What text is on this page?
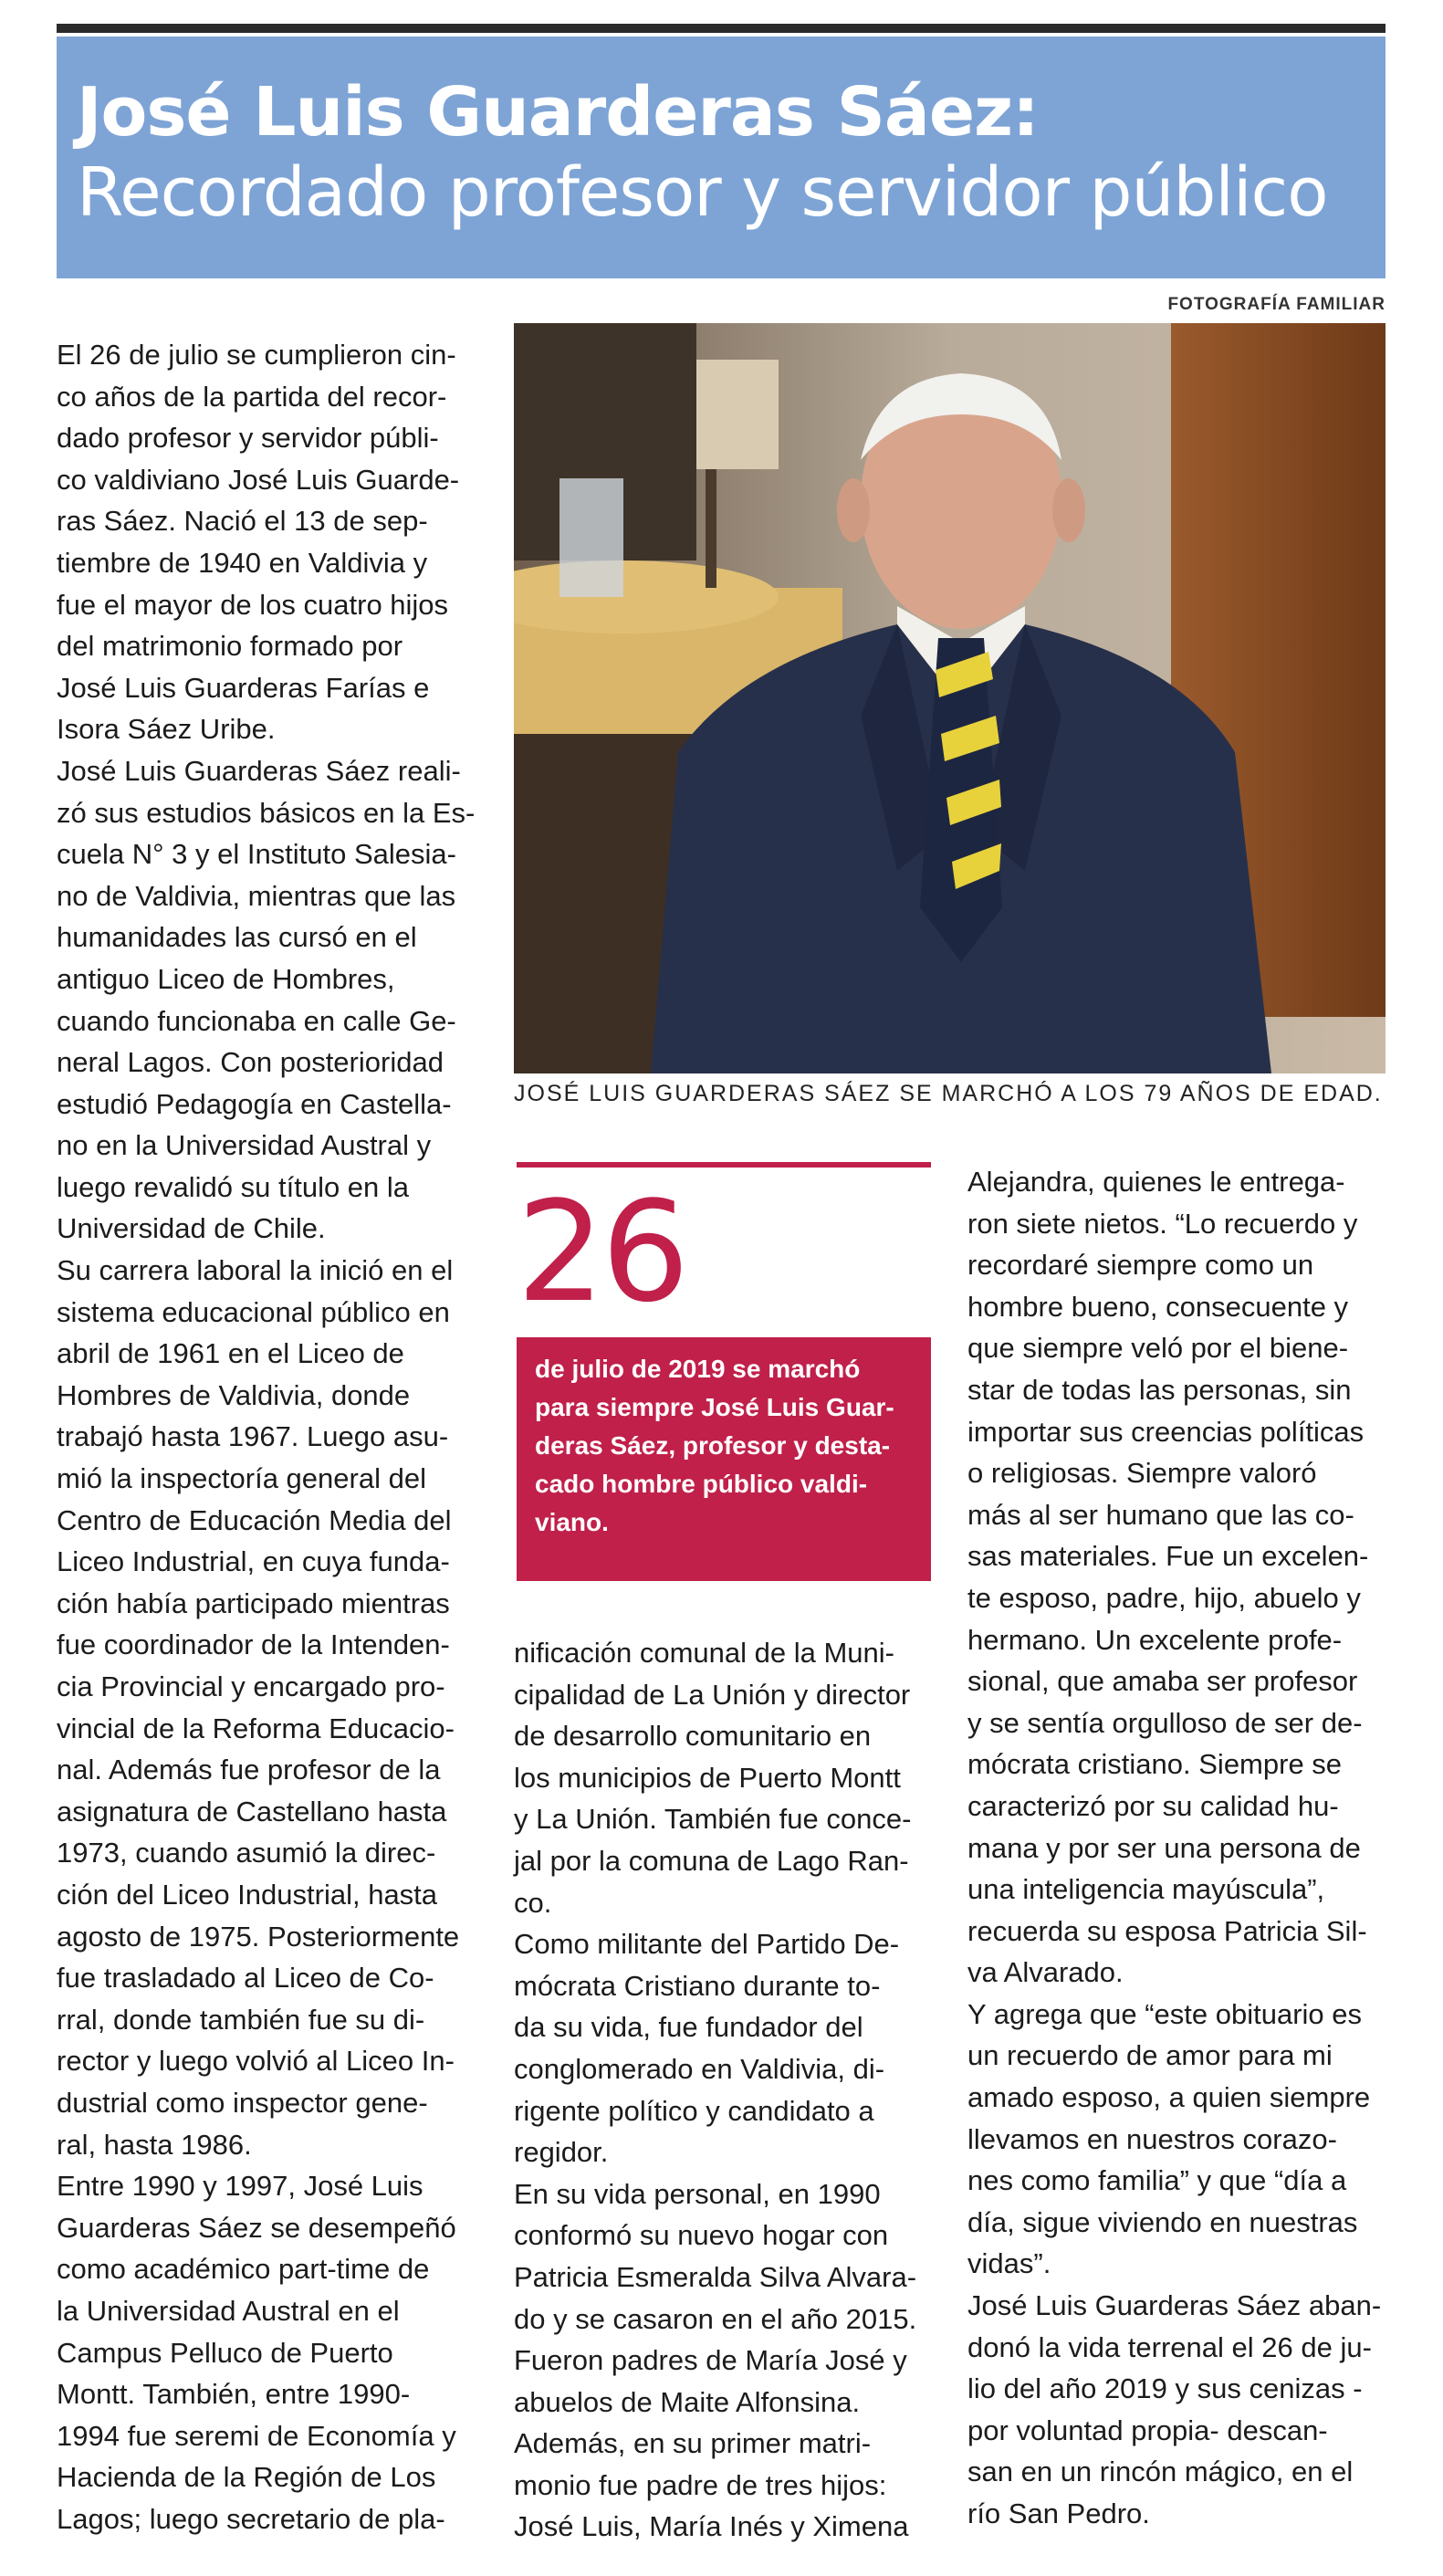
José Luis Guarderas Sáez:
Recordado profesor y servidor público
FOTOGRAFÍA FAMILIAR

El 26 de julio se cumplieron cin-

co años de la partida del recor-

dado profesor y servidor públi-

co valdiviano José Luis Guarde-

ras Sáez. Nació el 13 de sep-

tiembre de 1940 en Valdivia y

fue el mayor de los cuatro hijos

del matrimonio formado por

José Luis Guarderas Farías e

Isora Sáez Uribe.

José Luis Guarderas Sáez reali-

zó sus estudios básicos en la Es-

cuela N° 3 y el Instituto Salesia-

no de Valdivia, mientras que las

humanidades las cursó en el

antiguo Liceo de Hombres,

cuando funcionaba en calle Ge-

neral Lagos. Con posterioridad

estudió Pedagogía en Castella-

no en la Universidad Austral y

luego revalidó su título en la

Universidad de Chile.

Su carrera laboral la inició en el

sistema educacional público en

abril de 1961 en el Liceo de

Hombres de Valdivia, donde

trabajó hasta 1967. Luego asu-

mió la inspectoría general del

Centro de Educación Media del

Liceo Industrial, en cuya funda-

ción había participado mientras

fue coordinador de la Intenden-

cia Provincial y encargado pro-

vincial de la Reforma Educacio-

nal. Además fue profesor de la

asignatura de Castellano hasta

1973, cuando asumió la direc-

ción del Liceo Industrial, hasta

agosto de 1975. Posteriormente

fue trasladado al Liceo de Co-

rral, donde también fue su di-

rector y luego volvió al Liceo In-

dustrial como inspector gene-

ral, hasta 1986.

Entre 1990 y 1997, José Luis

Guarderas Sáez se desempeñó

como académico part-time de

la Universidad Austral en el

Campus Pelluco de Puerto

Montt. También, entre 1990-

1994 fue seremi de Economía y

Hacienda de la Región de Los

Lagos; luego secretario de pla-

JOSÉ LUIS GUARDERAS SÁEZ SE MARCHÓ A LOS 79 AÑOS DE EDAD.
26
de julio de 2019 se marchó
para siempre José Luis Guar-
deras Sáez, profesor y desta-
cado hombre público valdi-
viano.

nificación comunal de la Muni-

cipalidad de La Unión y director

de desarrollo comunitario en

los municipios de Puerto Montt

y La Unión. También fue conce-

jal por la comuna de Lago Ran-

co.

Como militante del Partido De-

mócrata Cristiano durante to-

da su vida, fue fundador del

conglomerado en Valdivia, di-

rigente político y candidato a

regidor.

En su vida personal, en 1990

conformó su nuevo hogar con

Patricia Esmeralda Silva Alvara-

do y se casaron en el año 2015.

Fueron padres de María José y

abuelos de Maite Alfonsina.

Además, en su primer matri-

monio fue padre de tres hijos:

José Luis, María Inés y Ximena

Alejandra, quienes le entrega-

ron siete nietos. “Lo recuerdo y

recordaré siempre como un

hombre bueno, consecuente y

que siempre veló por el biene-

star de todas las personas, sin

importar sus creencias políticas

o religiosas. Siempre valoró

más al ser humano que las co-

sas materiales. Fue un excelen-

te esposo, padre, hijo, abuelo y

hermano. Un excelente profe-

sional, que amaba ser profesor

y se sentía orgulloso de ser de-

mócrata cristiano. Siempre se

caracterizó por su calidad hu-

mana y por ser una persona de

una inteligencia mayúscula”,

recuerda su esposa Patricia Sil-

va Alvarado.

Y agrega que “este obituario es

un recuerdo de amor para mi

amado esposo, a quien siempre

llevamos en nuestros corazo-

nes como familia” y que “día a

día, sigue viviendo en nuestras

vidas”.

José Luis Guarderas Sáez aban-

donó la vida terrenal el 26 de ju-

lio del año 2019 y sus cenizas -

por voluntad propia- descan-

san en un rincón mágico, en el

río San Pedro.
